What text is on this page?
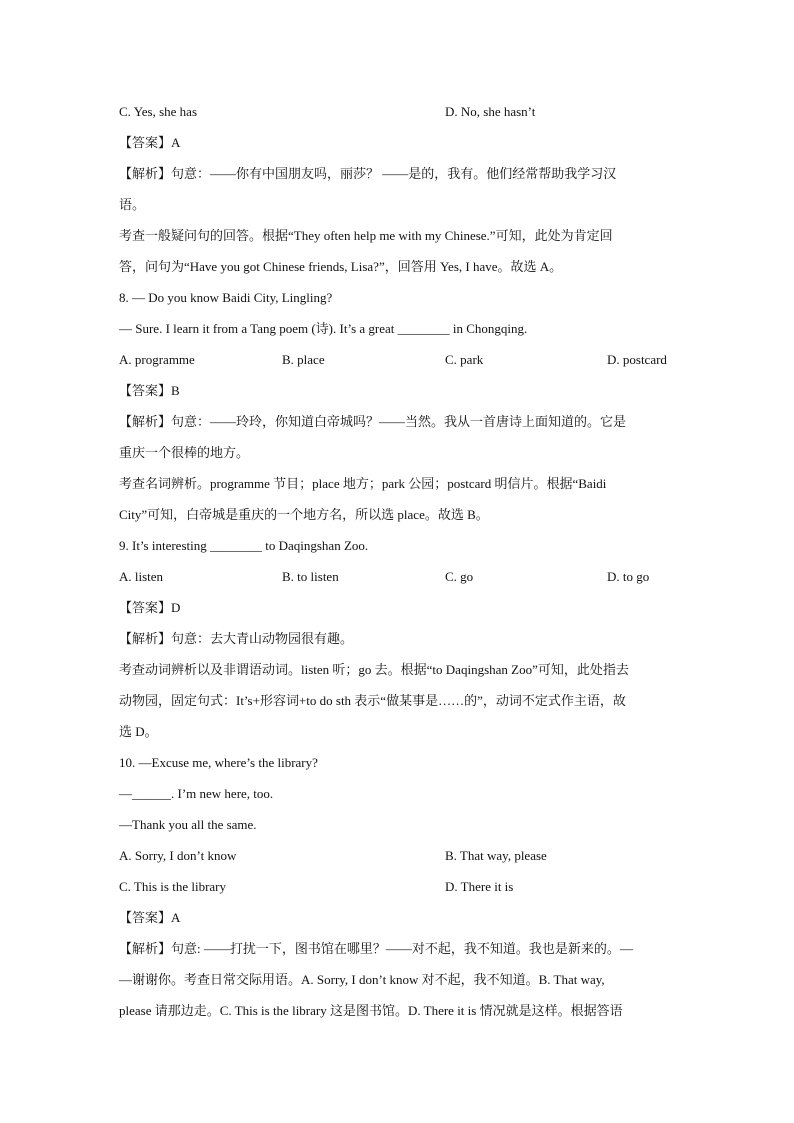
C. Yes, she has	D. No, she hasn’t
【答案】A
【解析】句意：——你有中国朋友吗，丽莎？ ——是的，我有。他们经常帮助我学习汉
语。
考查一般疑问句的回答。根据“They often help me with my Chinese.”可知，此处为肯定回
答，问句为“Have you got Chinese friends, Lisa?”，回答用 Yes, I have。故选 A。
8. — Do you know Baidi City, Lingling?
— Sure. I learn it from a Tang poem (诗). It’s a great ________ in Chongqing.
A. programme	B. place	C. park	D. postcard
【答案】B
【解析】句意：——玲玲，你知道白帝城吗？——当然。我从一首唐诗上面知道的。它是
重庆一个很棒的地方。
考查名词辨析。programme 节目；place 地方；park 公园；postcard 明信片。根据“Baidi
City”可知，白帝城是重庆的一个地方名，所以选 place。故选 B。
9. It’s interesting ________ to Daqingshan Zoo.
A. listen	B. to listen	C. go	D. to go
【答案】D
【解析】句意：去大青山动物园很有趣。
考查动词辨析以及非谓语动词。listen 听；go 去。根据“to Daqingshan Zoo”可知，此处指去
动物园，固定句式：It’s+形容词+to do sth 表示“做某事是……的”，动词不定式作主语，故
选 D。
10. —Excuse me, where’s the library?
—______. I’m new here, too.
—Thank you all the same.
A. Sorry, I don’t know	B. That way, please
C. This is the library	D. There it is
【答案】A
【解析】句意: ——打扰一下，图书馆在哪里？——对不起，我不知道。我也是新来的。—
—谢谢你。考查日常交际用语。A. Sorry, I don’t know 对不起，我不知道。B. That way,
please 请那边走。C. This is the library 这是图书馆。D. There it is 情况就是这样。根据答语
